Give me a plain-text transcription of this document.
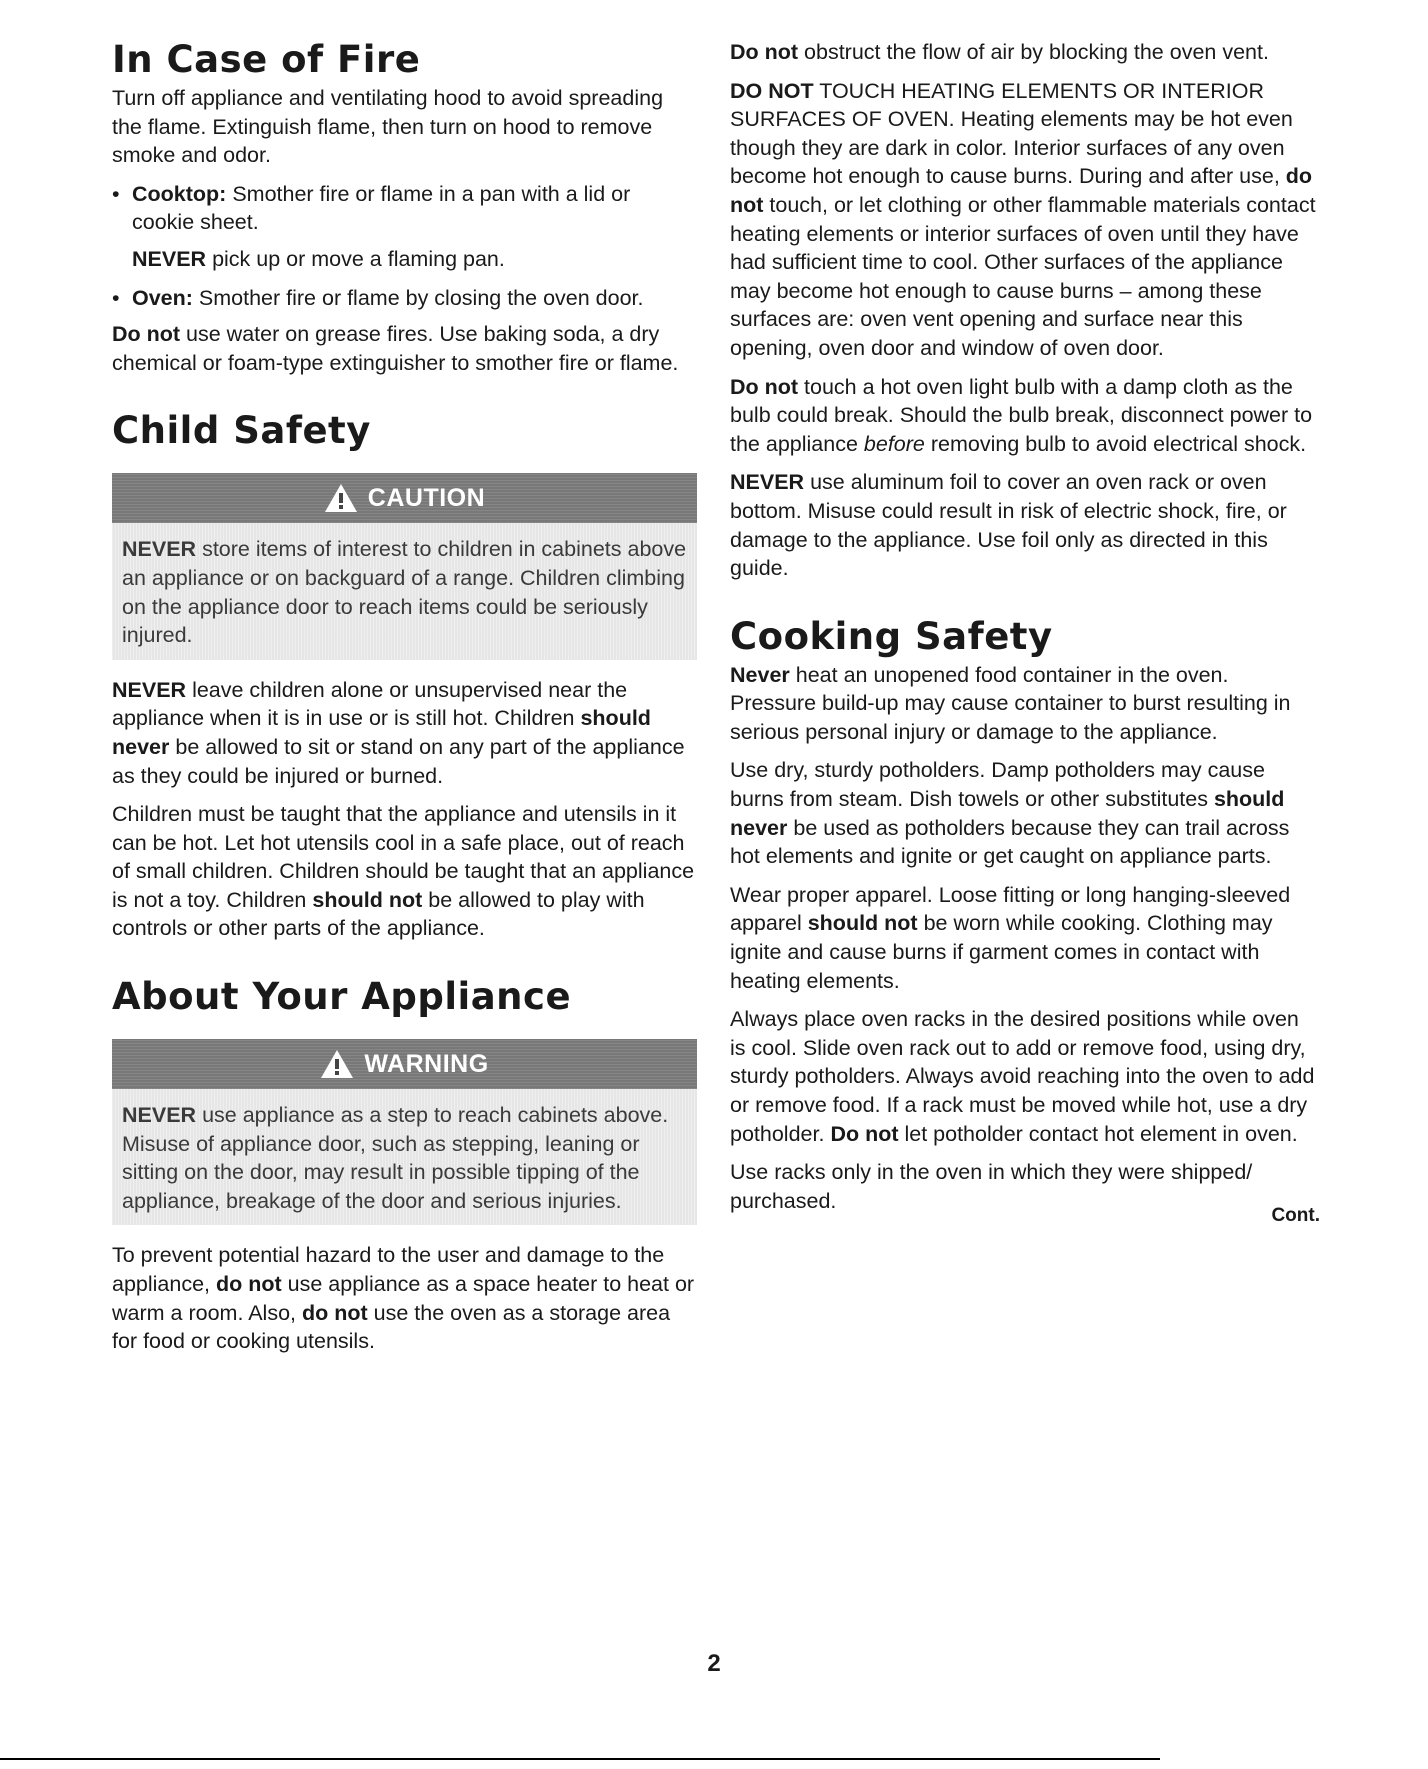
In Case of Fire

Turn off appliance and ventilating hood to avoid spreading the flame. Extinguish flame, then turn on hood to remove smoke and odor.

• Cooktop: Smother fire or flame in a pan with a lid or cookie sheet.

NEVER pick up or move a flaming pan.

• Oven: Smother fire or flame by closing the oven door.

Do not use water on grease fires. Use baking soda, a dry chemical or foam-type extinguisher to smother fire or flame.

Child Safety
CAUTION
NEVER store items of interest to children in cabinets above an appliance or on backguard of a range. Children climbing on the appliance door to reach items could be seriously injured.

NEVER leave children alone or unsupervised near the appliance when it is in use or is still hot. Children should never be allowed to sit or stand on any part of the appliance as they could be injured or burned.

Children must be taught that the appliance and utensils in it can be hot. Let hot utensils cool in a safe place, out of reach of small children. Children should be taught that an appliance is not a toy. Children should not be allowed to play with controls or other parts of the appliance.

About Your Appliance
WARNING
NEVER use appliance as a step to reach cabinets above. Misuse of appliance door, such as stepping, leaning or sitting on the door, may result in possible tipping of the appliance, breakage of the door and serious injuries.

To prevent potential hazard to the user and damage to the appliance, do not use appliance as a space heater to heat or warm a room. Also, do not use the oven as a storage area for food or cooking utensils.

Do not obstruct the flow of air by blocking the oven vent.

DO NOT TOUCH HEATING ELEMENTS OR INTERIOR SURFACES OF OVEN. Heating elements may be hot even though they are dark in color. Interior surfaces of any oven become hot enough to cause burns. During and after use, do not touch, or let clothing or other flammable materials contact heating elements or interior surfaces of oven until they have had sufficient time to cool. Other surfaces of the appliance may become hot enough to cause burns – among these surfaces are: oven vent opening and surface near this opening, oven door and window of oven door.

Do not touch a hot oven light bulb with a damp cloth as the bulb could break. Should the bulb break, disconnect power to the appliance before removing bulb to avoid electrical shock.

NEVER use aluminum foil to cover an oven rack or oven bottom. Misuse could result in risk of electric shock, fire, or damage to the appliance. Use foil only as directed in this guide.

Cooking Safety

Never heat an unopened food container in the oven. Pressure build-up may cause container to burst resulting in serious personal injury or damage to the appliance.

Use dry, sturdy potholders. Damp potholders may cause burns from steam. Dish towels or other substitutes should never be used as potholders because they can trail across hot elements and ignite or get caught on appliance parts.

Wear proper apparel. Loose fitting or long hanging-sleeved apparel should not be worn while cooking. Clothing may ignite and cause burns if garment comes in contact with heating elements.

Always place oven racks in the desired positions while oven is cool. Slide oven rack out to add or remove food, using dry, sturdy potholders. Always avoid reaching into the oven to add or remove food. If a rack must be moved while hot, use a dry potholder. Do not let potholder contact hot element in oven.

Use racks only in the oven in which they were shipped/ purchased.

Cont.
2
